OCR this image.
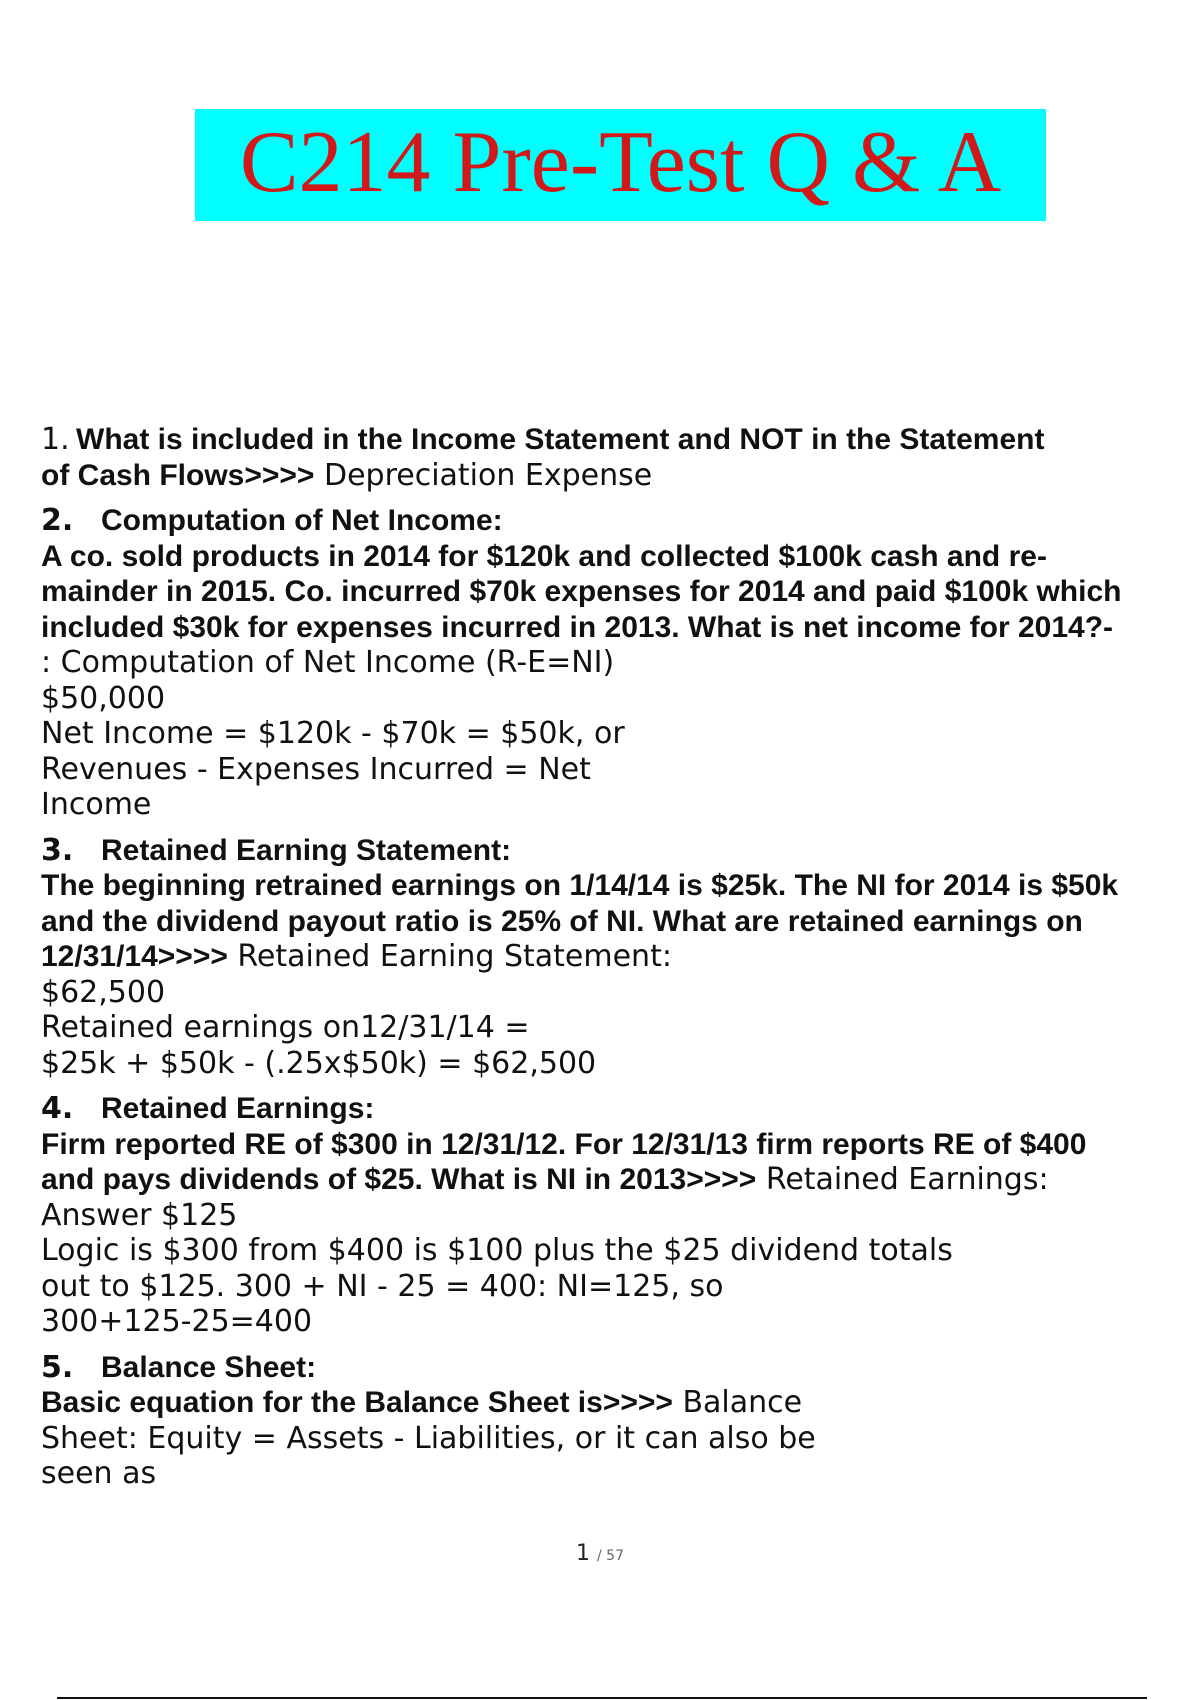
C214 Pre-Test Q & A
1. What is included in the Income Statement and NOT in the Statement
of Cash Flows>>>> Depreciation Expense
2. Computation of Net Income:
A co. sold products in 2014 for $120k and collected $100k cash and re-
mainder in 2015. Co. incurred $70k expenses for 2014 and paid $100k which
included $30k for expenses incurred in 2013. What is net income for 2014?-
: Computation of Net Income (R-E=NI)
$50,000
Net Income = $120k - $70k = $50k, or
Revenues - Expenses Incurred = Net
Income
3. Retained Earning Statement:
The beginning retrained earnings on 1/14/14 is $25k. The NI for 2014 is $50k
and the dividend payout ratio is 25% of NI. What are retained earnings on
12/31/14>>>> Retained Earning Statement:
$62,500
Retained earnings on12/31/14 =
$25k + $50k - (.25x$50k) = $62,500
4. Retained Earnings:
Firm reported RE of $300 in 12/31/12. For 12/31/13 firm reports RE of $400
and pays dividends of $25. What is NI in 2013>>>> Retained Earnings:
Answer $125
Logic is $300 from $400 is $100 plus the $25 dividend totals
out to $125. 300 + NI - 25 = 400: NI=125, so
300+125-25=400
5. Balance Sheet:
Basic equation for the Balance Sheet is>>>> Balance
Sheet: Equity = Assets - Liabilities, or it can also be
seen as
1 / 57
